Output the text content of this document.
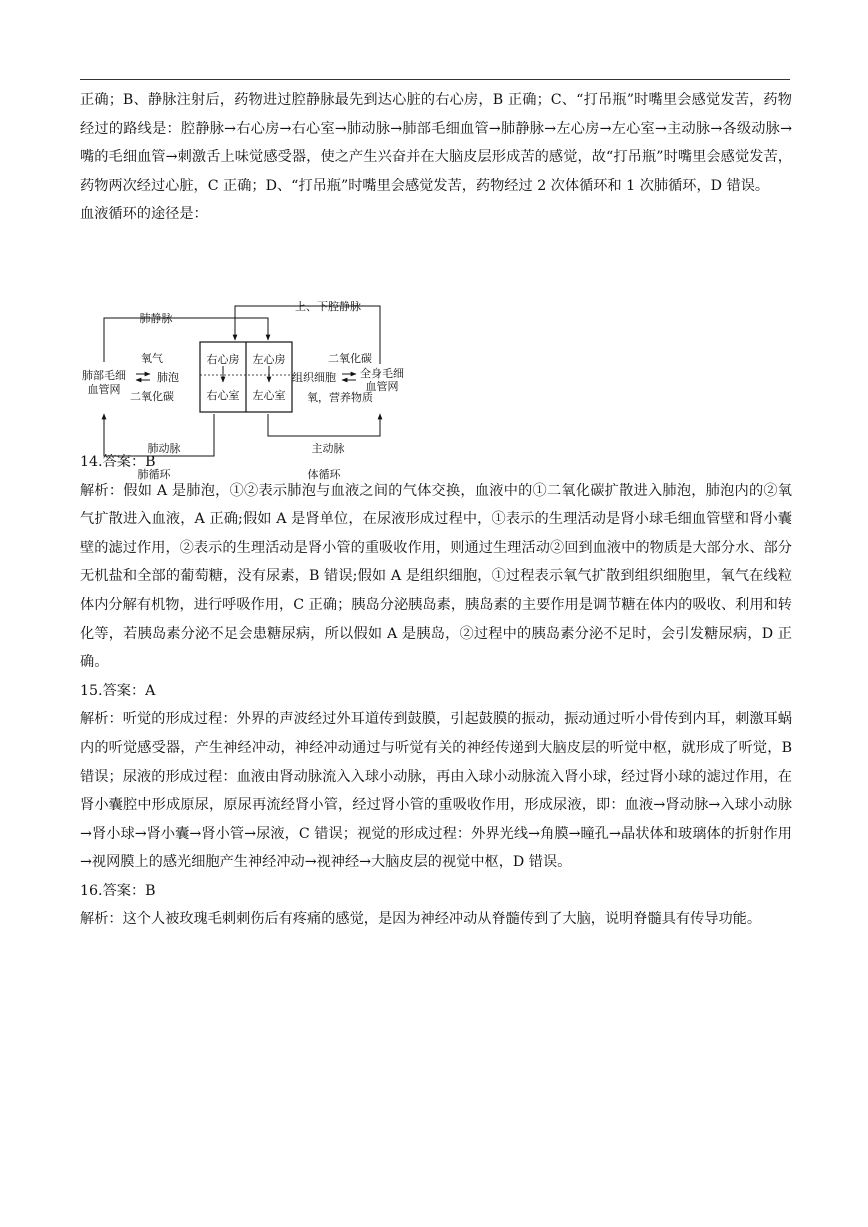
正确；B、静脉注射后，药物进过腔静脉最先到达心脏的右心房，B 正确；C、“打吊瓶”时嘴里会感觉发苦，药物经过的路线是：腔静脉→右心房→右心室→肺动脉→肺部毛细血管→肺静脉→左心房→左心室→主动脉→各级动脉→嘴的毛细血管→刺激舌上味觉感受器，使之产生兴奋并在大脑皮层形成苦的感觉，故“打吊瓶”时嘴里会感觉发苦，药物两次经过心脏，C 正确；D、“打吊瓶”时嘴里会感觉发苦，药物经过 2 次体循环和 1 次肺循环，D 错误。

血液循环的途径是：

14.答案：B

解析：假如 A 是肺泡，①②表示肺泡与血液之间的气体交换，血液中的①二氧化碳扩散进入肺泡，肺泡内的②氧气扩散进入血液，A 正确;假如 A 是肾单位，在尿液形成过程中，①表示的生理活动是肾小球毛细血管壁和肾小囊壁的滤过作用，②表示的生理活动是肾小管的重吸收作用，则通过生理活动②回到血液中的物质是大部分水、部分无机盐和全部的葡萄糖，没有尿素，B 错误;假如 A 是组织细胞，①过程表示氧气扩散到组织细胞里，氧气在线粒体内分解有机物，进行呼吸作用，C 正确；胰岛分泌胰岛素，胰岛素的主要作用是调节糖在体内的吸收、利用和转化等，若胰岛素分泌不足会患糖尿病，所以假如 A 是胰岛，②过程中的胰岛素分泌不足时，会引发糖尿病，D 正确。

15.答案：A

解析：听觉的形成过程：外界的声波经过外耳道传到鼓膜，引起鼓膜的振动，振动通过听小骨传到内耳，刺激耳蜗内的听觉感受器，产生神经冲动，神经冲动通过与听觉有关的神经传递到大脑皮层的听觉中枢，就形成了听觉，B 错误；尿液的形成过程：血液由肾动脉流入入球小动脉，再由入球小动脉流入肾小球，经过肾小球的滤过作用，在肾小囊腔中形成原尿，原尿再流经肾小管，经过肾小管的重吸收作用，形成尿液，即：血液→肾动脉→入球小动脉→肾小球→肾小囊→肾小管→尿液，C 错误；视觉的形成过程：外界光线→角膜→瞳孔→晶状体和玻璃体的折射作用→视网膜上的感光细胞产生神经冲动→视神经→大脑皮层的视觉中枢，D 错误。

16.答案：B

解析：这个人被玫瑰毛刺刺伤后有疼痛的感觉，是因为神经冲动从脊髓传到了大脑，说明脊髓具有传导功能。

右心房 左心房
右心室 左心室
上、下腔静脉
肺静脉
肺动脉
肺循环
主动脉
体循环
肺部毛细
血管网
氧气
肺泡
二氧化碳
二氧化碳
组织细胞 全身毛细
血管网
氧，营养物质
